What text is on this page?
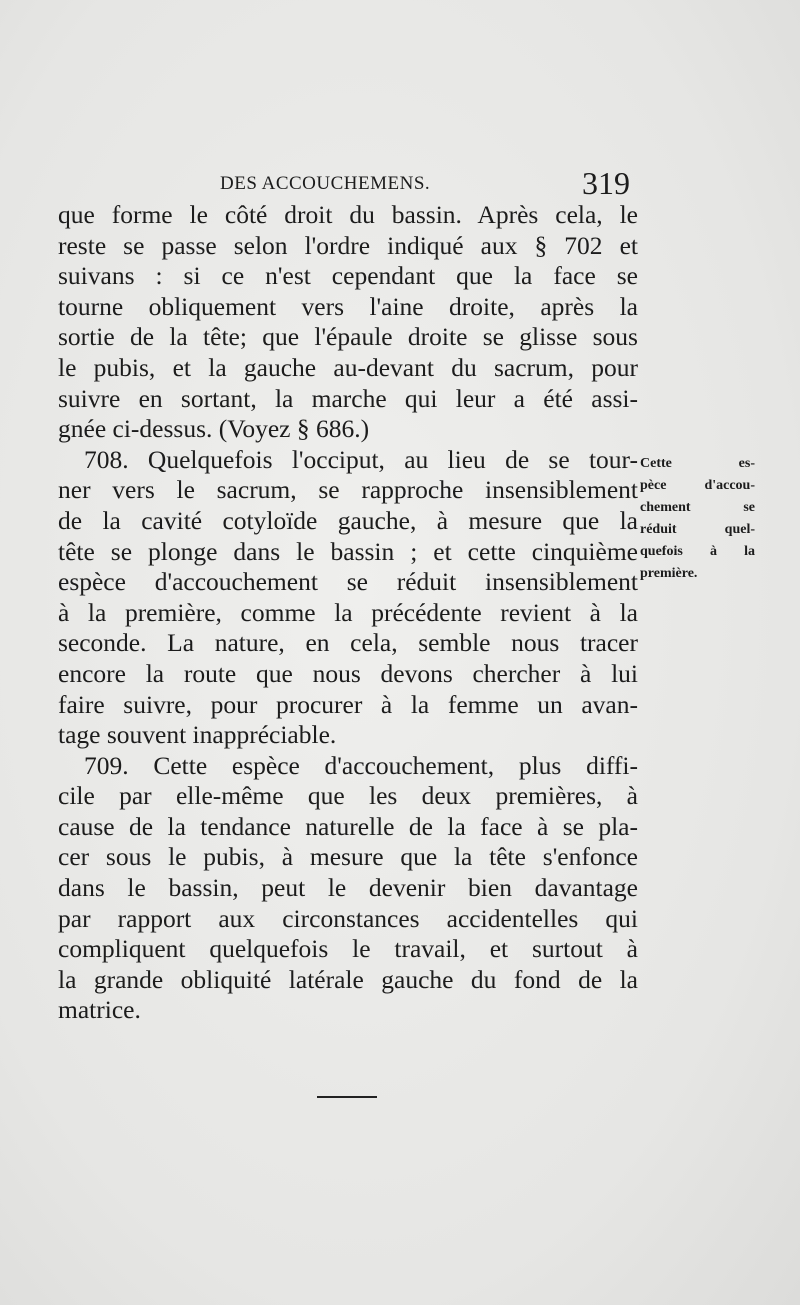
DES ACCOUCHEMENS.	319
que forme le côté droit du bassin. Après cela, le
reste se passe selon l'ordre indiqué aux § 702 et
suivans : si ce n'est cependant que la face se
tourne obliquement vers l'aine droite, après la
sortie de la tête; que l'épaule droite se glisse sous
le pubis, et la gauche au-devant du sacrum, pour
suivre en sortant, la marche qui leur a été assi-
gnée ci-dessus. (Voyez § 686.)
708. Quelquefois l'occiput, au lieu de se tour-
ner vers le sacrum, se rapproche insensiblement
de la cavité cotyloïde gauche, à mesure que la
tête se plonge dans le bassin ; et cette cinquième
espèce d'accouchement se réduit insensiblement
à la première, comme la précédente revient à la
seconde. La nature, en cela, semble nous tracer
encore la route que nous devons chercher à lui
faire suivre, pour procurer à la femme un avan-
tage souvent inappréciable.
709. Cette espèce d'accouchement, plus diffi-
cile par elle-même que les deux premières, à
cause de la tendance naturelle de la face à se pla-
cer sous le pubis, à mesure que la tête s'enfonce
dans le bassin, peut le devenir bien davantage
par rapport aux circonstances accidentelles qui
compliquent quelquefois le travail, et surtout à
la grande obliquité latérale gauche du fond de la
matrice.
Cette es-
pèce d'accou-
chement se
réduit quel-
quefois à la
première.
